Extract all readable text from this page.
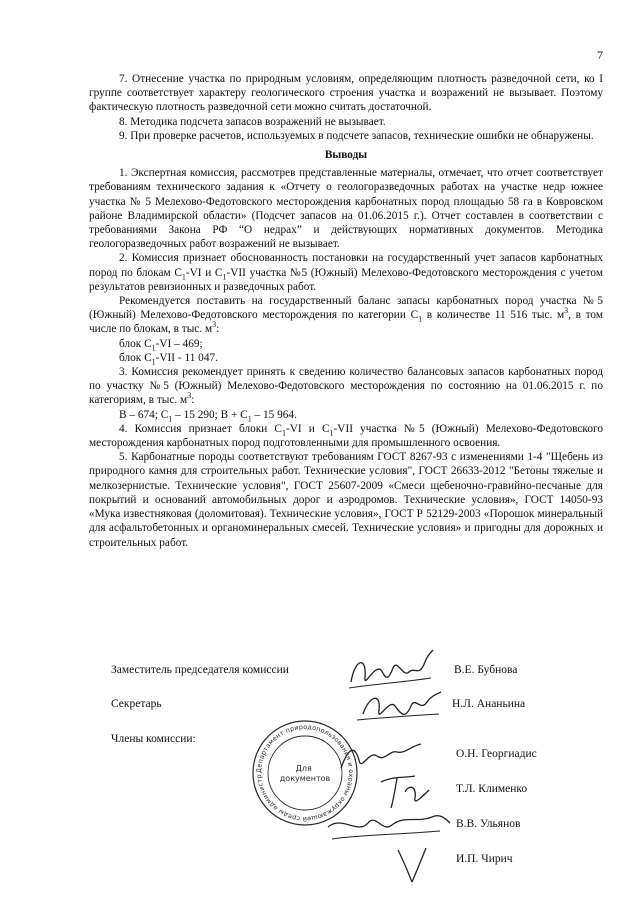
7

7. Отнесение участка по природным условиям, определяющим плотность разведочной сети, ко I группе соответствует характеру геологического строения участка и возражений не вызывает. Поэтому фактическую плотность разведочной сети можно считать достаточной.

8. Методика подсчета запасов возражений не вызывает.

9. При проверке расчетов, используемых в подсчете запасов, технические ошибки не обнаружены.

Выводы

1. Экспертная комиссия, рассмотрев представленные материалы, отмечает, что отчет соответствует требованиям технического задания к «Отчету о геологоразведочных работах на участке недр южнее участка № 5 Мелехово-Федотовского месторождения карбонатных пород площадью 58 га в Ковровском районе Владимирской области» (Подсчет запасов на 01.06.2015 г.). Отчет составлен в соответствии с требованиями Закона РФ “О недрах” и действующих нормативных документов. Методика геологоразведочных работ возражений не вызывает.

2. Комиссия признает обоснованность постановки на государственный учет запасов карбонатных пород по блокам $C_1-VI$ и $C_1$-VII участка №5 (Южный) Мелехово-Федотовского месторождения с учетом результатов ревизионных и разведочных работ.

Рекомендуется поставить на государственный баланс запасы карбонатных пород участка №5 (Южный) Мелехово-Федотовского месторождения по категории $C_1$ в количестве 11 516 тыс. $м^3$, в том числе по блокам, в тыс. $м^3$:

блок $C_1-VI - 469$;

блок $C_1$-VII - 11 047.

3. Комиссия рекомендует принять к сведению количество балансовых запасов карбонатных пород по участку №5 (Южный) Мелехово-Федотовского месторождения по состоянию на 01.06.2015 г. по категориям, в тыс. $м^3$:

B – 674; $C_1 - 15$ 290; $B + C_1 - 15$ 964.

4. Комиссия признает блоки $C_1-VI$ и $C_1$-VII участка №5 (Южный) Мелехово-Федотовского месторождения карбонатных пород подготовленными для промышленного освоения.

5. Карбонатные породы соответствуют требованиям ГОСТ 8267-93 с изменениями 1-4 "Щебень из природного камня для строительных работ. Технические условия", ГОСТ 26633-2012 "Бетоны тяжелые и мелкозернистые. Технические условия", ГОСТ 25607-2009 «Смеси щебеночно-гравийно-песчаные для покрытий и оснований автомобильных дорог и аэродромов. Технические условия», ГОСТ 14050-93 «Мука известняковая (доломитовая). Технические условия», ГОСТ Р 52129-2003 «Порошок минеральный для асфальтобетонных и органоминеральных смесей. Технические условия» и пригодны для дорожных и строительных работ.

Заместитель председателя комиссии	В.Е. Бубнова
Секретарь	Н.Л. Ананьина
Члены комиссии:
О.Н. Георгиадис
Т.Л. Клименко
В.В. Ульянов
И.П. Чирич
Департамент природопользования и охраны окружающей среды администрации Владимирской области
Для документов
